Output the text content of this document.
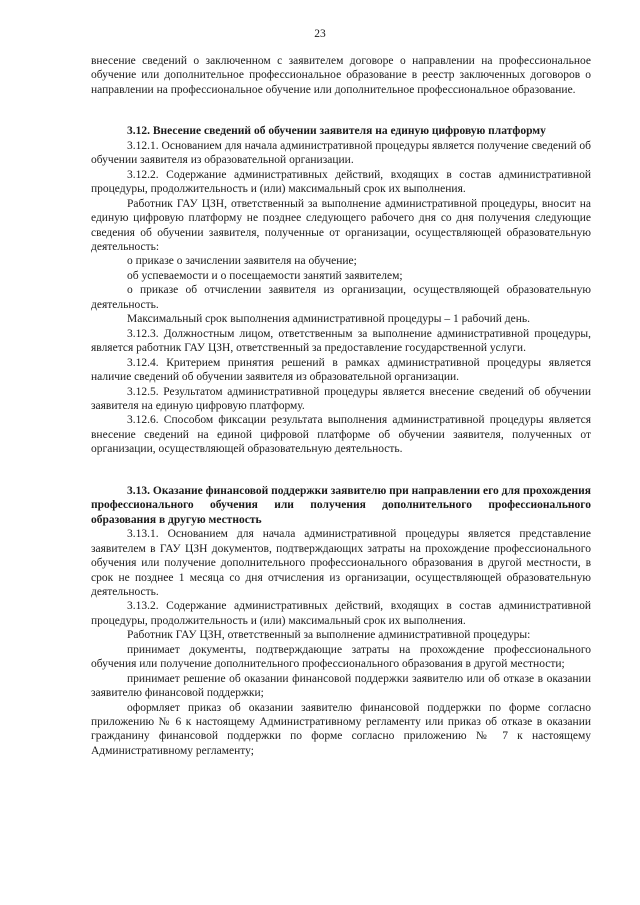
23

внесение сведений о заключенном с заявителем договоре о направлении на профессиональное обучение или дополнительное профессиональное образование в реестр заключенных договоров о направлении на профессиональное обучение или дополнительное профессиональное образование.

3.12. Внесение сведений об обучении заявителя на единую цифровую платформу

3.12.1. Основанием для начала административной процедуры является получение сведений об обучении заявителя из образовательной организации.

3.12.2. Содержание административных действий, входящих в состав административной процедуры, продолжительность и (или) максимальный срок их выполнения.

Работник ГАУ ЦЗН, ответственный за выполнение административной процедуры, вносит на единую цифровую платформу не позднее следующего рабочего дня со дня получения следующие сведения об обучении заявителя, полученные от организации, осуществляющей образовательную деятельность:

о приказе о зачислении заявителя на обучение;

об успеваемости и о посещаемости занятий заявителем;

о приказе об отчислении заявителя из организации, осуществляющей образовательную деятельность.

Максимальный срок выполнения административной процедуры – 1 рабочий день.

3.12.3. Должностным лицом, ответственным за выполнение административной процедуры, является работник ГАУ ЦЗН, ответственный за предоставление государственной услуги.

3.12.4. Критерием принятия решений в рамках административной процедуры является наличие сведений об обучении заявителя из образовательной организации.

3.12.5. Результатом административной процедуры является внесение сведений об обучении заявителя на единую цифровую платформу.

3.12.6. Способом фиксации результата выполнения административной процедуры является внесение сведений на единой цифровой платформе об обучении заявителя, полученных от организации, осуществляющей образовательную деятельность.

3.13. Оказание финансовой поддержки заявителю при направлении его для прохождения профессионального обучения или получения дополнительного профессионального образования в другую местность

3.13.1. Основанием для начала административной процедуры является представление заявителем в ГАУ ЦЗН документов, подтверждающих затраты на прохождение профессионального обучения или получение дополнительного профессионального образования в другой местности, в срок не позднее 1 месяца со дня отчисления из организации, осуществляющей образовательную деятельность.

3.13.2. Содержание административных действий, входящих в состав административной процедуры, продолжительность и (или) максимальный срок их выполнения.

Работник ГАУ ЦЗН, ответственный за выполнение административной процедуры:

принимает документы, подтверждающие затраты на прохождение профессионального обучения или получение дополнительного профессионального образования в другой местности;

принимает решение об оказании финансовой поддержки заявителю или об отказе в оказании заявителю финансовой поддержки;

оформляет приказ об оказании заявителю финансовой поддержки по форме согласно приложению № 6 к настоящему Административному регламенту или приказ об отказе в оказании гражданину финансовой поддержки по форме согласно приложению № 7 к настоящему Административному регламенту;
